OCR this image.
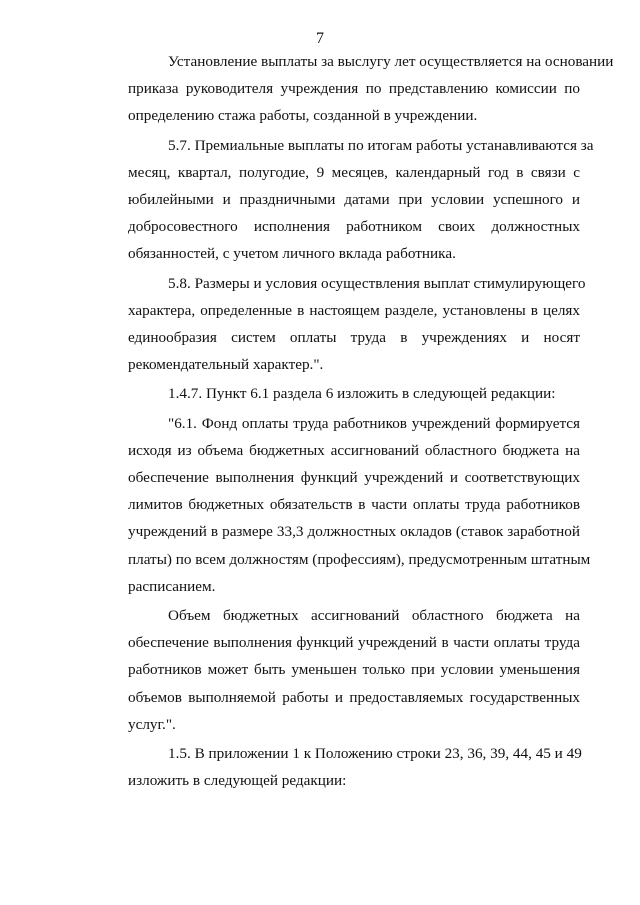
7
Установление выплаты за выслугу лет осуществляется на основании
приказа руководителя учреждения по представлению комиссии по
определению стажа работы, созданной в учреждении.
5.7. Премиальные выплаты по итогам работы устанавливаются за
месяц, квартал, полугодие, 9 месяцев, календарный год в связи с
юбилейными и праздничными датами при условии успешного и
добросовестного исполнения работником своих должностных
обязанностей, с учетом личного вклада работника.
5.8. Размеры и условия осуществления выплат стимулирующего
характера, определенные в настоящем разделе, установлены в целях
единообразия систем оплаты труда в учреждениях и носят
рекомендательный характер.".
1.4.7. Пункт 6.1 раздела 6 изложить в следующей редакции:
"6.1. Фонд оплаты труда работников учреждений формируется
исходя из объема бюджетных ассигнований областного бюджета на
обеспечение выполнения функций учреждений и соответствующих
лимитов бюджетных обязательств в части оплаты труда работников
учреждений в размере 33,3 должностных окладов (ставок заработной
платы) по всем должностям (профессиям), предусмотренным штатным
расписанием.
Объем бюджетных ассигнований областного бюджета на
обеспечение выполнения функций учреждений в части оплаты труда
работников может быть уменьшен только при условии уменьшения
объемов выполняемой работы и предоставляемых государственных
услуг.".
1.5. В приложении 1 к Положению строки 23, 36, 39, 44, 45 и 49
изложить в следующей редакции:
